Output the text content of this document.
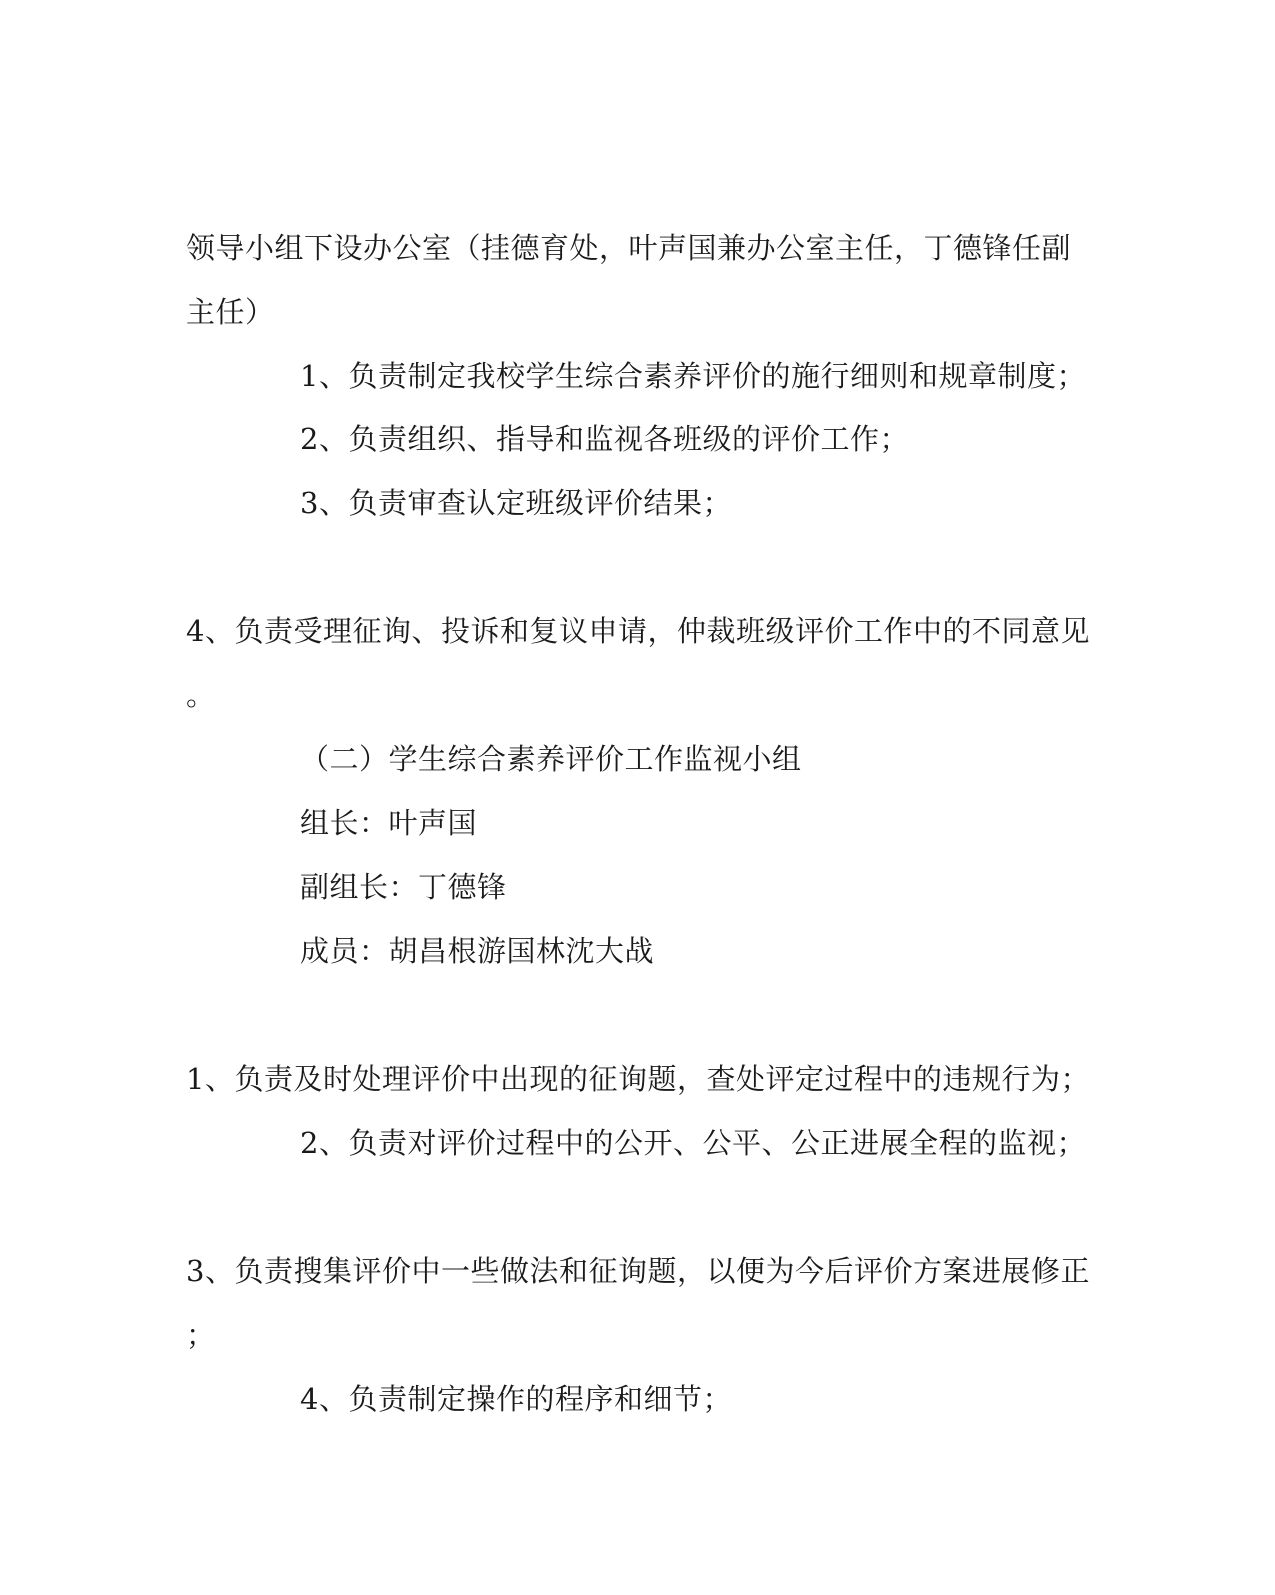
领导小组下设办公室（挂德育处，叶声国兼办公室主任，丁德锋任副
主任）
1、负责制定我校学生综合素养评价的施行细则和规章制度；
2、负责组织、指导和监视各班级的评价工作；
3、负责审查认定班级评价结果；
4、负责受理征询、投诉和复议申请，仲裁班级评价工作中的不同意见
。
（二）学生综合素养评价工作监视小组
组长：叶声国
副组长：丁德锋
成员：胡昌根游国林沈大战
1、负责及时处理评价中出现的征询题，查处评定过程中的违规行为；
2、负责对评价过程中的公开、公平、公正进展全程的监视；
3、负责搜集评价中一些做法和征询题，以便为今后评价方案进展修正
；
4、负责制定操作的程序和细节；
